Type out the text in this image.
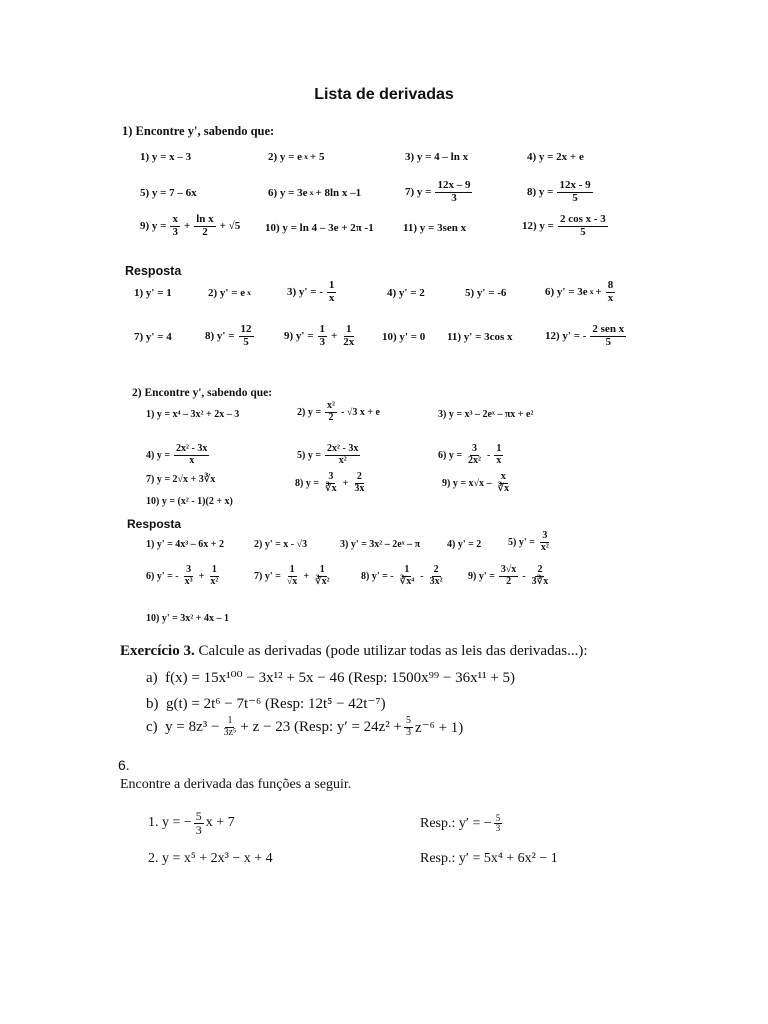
Lista de derivadas
1) Encontre y', sabendo que:
1) y = x – 3	2) y = e x + 5	3) y = 4 – ln x	4) y = 2x + e
5) y = 7 – 6x	6) y = 3e x + 8ln x –1	7) $y = \frac{12x - 9}{3}$	8) $y = \frac{12x - 9}{5}$
9) $y = \frac{x}{3} + \frac{\text{ln x}}{2} + √5$ 10) y = ln 4 – 3e + 2π -1	11) y = 3sen x	12) $y = \frac{\text{2 cos x - 3}}{5}$
Resposta
1) y' = 1	2) y' = e x	3) y' = - $\frac{1}{x}$	4) y' = 2	5) y' = -6	6) y' = 3e $x + \frac{8}{x}$
7) y' = 4	8) $y' = \frac{12}{5}$	9) $y' = \frac{1}{3} + \frac{1}{2x} 10$) y' = 0 11) y' = 3cos x	12) y' = - $\frac{\text{2 sen x}}{5}$
2) Encontre y', sabendo que:
1) y = x⁴ – 3x² + 2x – 3	2) $y = \frac{\text{x²}}{2} - √3$ x + e	3) y = x³ – 2eˣ – πx + e²
4) $y = \frac{\text{2x² - 3x}}{x}$	5) $y = \frac{\text{2x² - 3x}}{\text{x²}}$	6) $y = \frac{3}{\text{2x²}} - \frac{1}{x}$
7) y = 2√x + 3∛x	8) $y = \frac{3}{∛x} + \frac{2}{3x}$	9) $y = x√x - \frac{x}{∛x}$
10) y = (x² - 1)(2 + x)
Resposta
1) y' = 4x³ – 6x + 2	2) y' = x - √3	3) y' = 3x² – 2eˣ – π	4) y' = 2	5) $y' = \frac{3}{\text{x²}}$
6) y' = - $\frac{3}{\text{x³}} + \frac{1}{\text{x²}}$	7) $y' = \frac{1}{√x} + \frac{1}{\text{∛x²}}$	8) y' = - $\frac{1}{\text{∛x⁴}} - \frac{2}{\text{3x²}} 9$) $y' = \frac{3√x}{2} - \frac{2}{3∛x}$
10) y' = 3x² + 4x – 1
Exercício 3. Calcule as derivadas (pode utilizar todas as leis das derivadas...):
a) f(x) = 15x¹⁰⁰ − 3x¹² + 5x − 46 (Resp: 1500x⁹⁹ − 36x¹¹ + 5)
b) g(t) = 2t⁶ − 7t⁻⁶ (Resp: 12t⁵ − 42t⁻⁷)
c)
$y = 8z^3 - \frac{1}{\text{3z⁵}} + z - 23$ (Resp: $y' = 24z^2 + \frac{5}{3} z^{-6} + 1$)
6.
Encontre a derivada das funções a seguir.
1. y = − $\frac{5}{3}$ x + 7	Resp.: y′ = − $\frac{5}{3}$
2. y = x⁵ + 2x³ − x + 4	Resp.: y′ = 5x⁴ + 6x² − 1
